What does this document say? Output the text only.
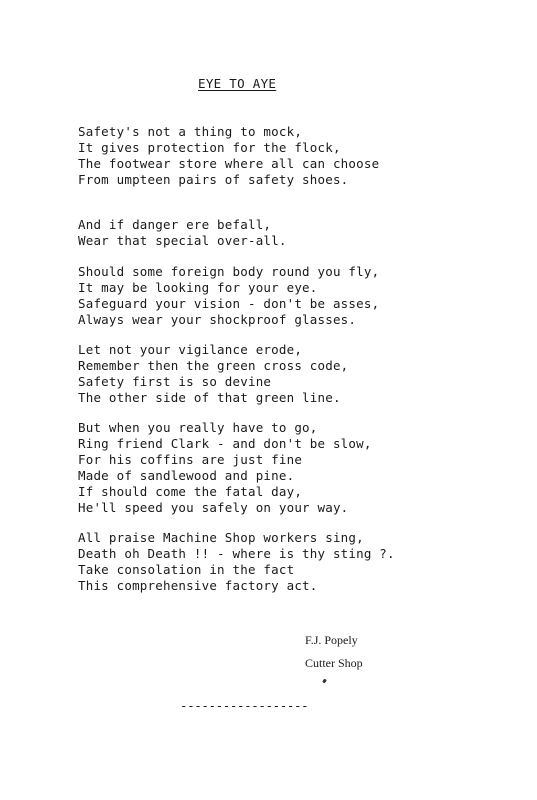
EYE TO AYE
Safety's not a thing to mock,
It gives protection for the flock,
The footwear store where all can choose
From umpteen pairs of safety shoes.
And if danger ere befall,
Wear that special over-all.
Should some foreign body round you fly,
It may be looking for your eye.
Safeguard your vision - don't be asses,
Always wear your shockproof glasses.
Let not your vigilance erode,
Remember then the green cross code,
Safety first is so devine
The other side of that green line.
But when you really have to go,
Ring friend Clark - and don't be slow,
For his coffins are just fine
Made of sandlewood and pine.
If should come the fatal day,
He'll speed you safely on your way.
All praise Machine Shop workers sing,
Death oh Death !! - where is thy sting ?.
Take consolation in the fact
This comprehensive factory act.
F.J. Popely
Cutter Shop
------------------
